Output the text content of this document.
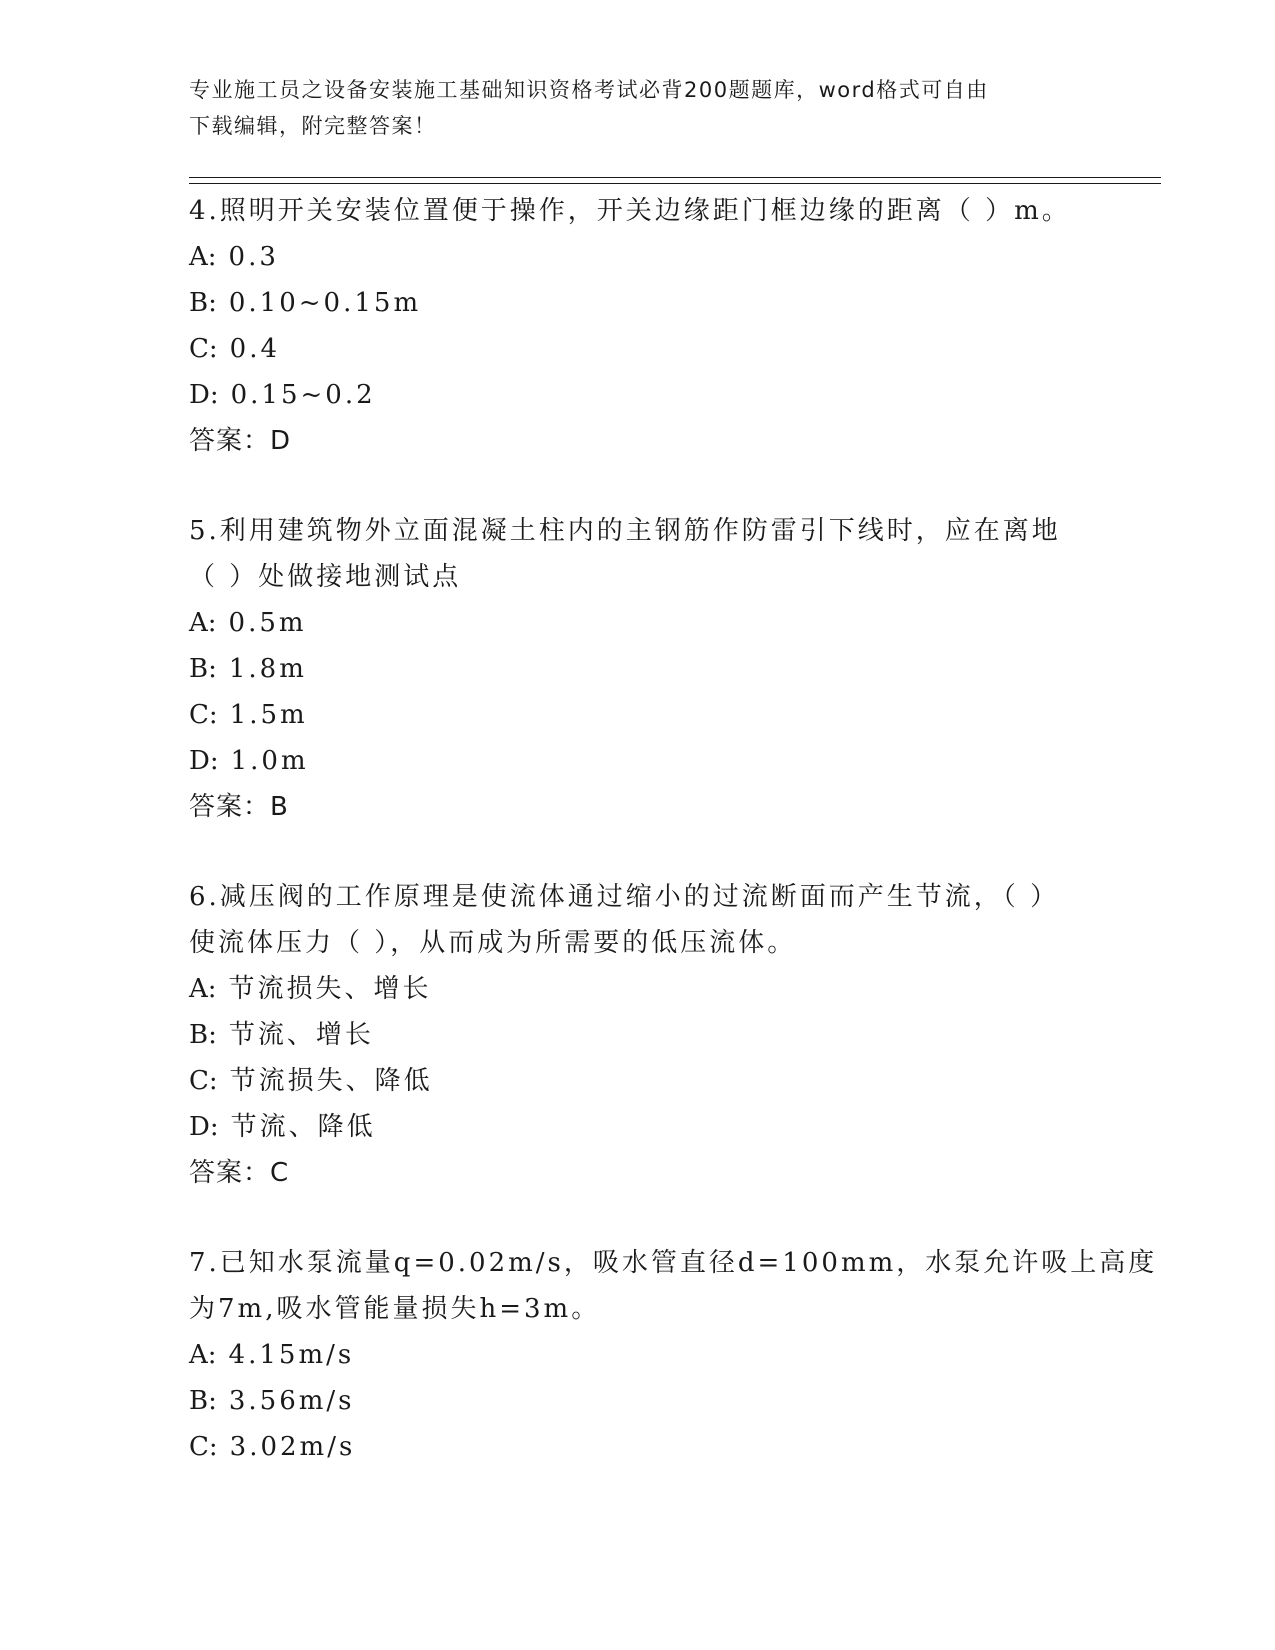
专业施工员之设备安装施工基础知识资格考试必背200题题库，word格式可自由
下载编辑，附完整答案！
4.照明开关安装位置便于操作，开关边缘距门框边缘的距离（ ）m。
A: 0.3
B: 0.10~0.15m
C: 0.4
D: 0.15~0.2
答案：D
5.利用建筑物外立面混凝土柱内的主钢筋作防雷引下线时，应在离地
（ ）处做接地测试点
A: 0.5m
B: 1.8m
C: 1.5m
D: 1.0m
答案：B
6.减压阀的工作原理是使流体通过缩小的过流断面而产生节流，（ ）
使流体压力（ ），从而成为所需要的低压流体。
A: 节流损失、增长
B: 节流、增长
C: 节流损失、降低
D: 节流、降低
答案：C
7.已知水泵流量q=0.02m/s，吸水管直径d=100mm，水泵允许吸上高度
为7m,吸水管能量损失h=3m。
A: 4.15m/s
B: 3.56m/s
C: 3.02m/s
